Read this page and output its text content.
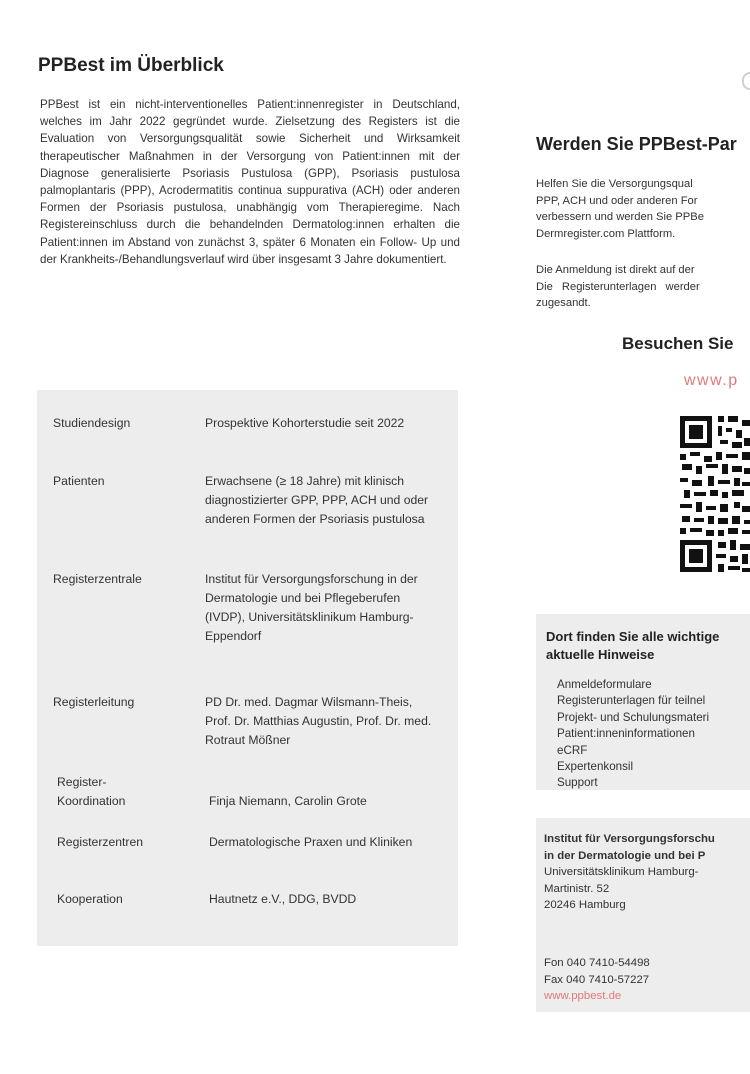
PPBest im Überblick

PPBest ist ein nicht-interventionelles Patient:innenregister in Deutschland, welches im Jahr 2022 gegründet wurde. Zielsetzung des Registers ist die Evaluation von Versorgungsqualität sowie Sicherheit und Wirksamkeit therapeutischer Maßnahmen in der Versorgung von Patient:innen mit der Diagnose generalisierte Psoriasis Pustulosa (GPP), Psoriasis pustulosa palmoplantaris (PPP), Acrodermatitis continua suppurativa (ACH) oder anderen Formen der Psoriasis pustulosa, unabhängig vom Therapieregime. Nach Registereinschluss durch die behandelnden Dermatolog:innen erhalten die Patient:innen im Abstand von zunächst 3, später 6 Monaten ein Follow- Up und der Krankheits-/Behandlungsverlauf wird über insgesamt 3 Jahre dokumentiert.

Studiendesign	Prospektive Kohorterstudie seit 2022
Patienten	Erwachsene (≥ 18 Jahre) mit klinisch diagnostizierter GPP, PPP, ACH und oder anderen Formen der Psoriasis pustulosa
Registerzentrale	Institut für Versorgungsforschung in der Dermatologie und bei Pflegeberufen (IVDP), Universitätsklinikum Hamburg-Eppendorf
Registerleitung	PD Dr. med. Dagmar Wilsmann-Theis, Prof. Dr. Matthias Augustin, Prof. Dr. med. Rotraut Mößner
Register-Koordination	Finja Niemann, Carolin Grote
Registerzentren	Dermatologische Praxen und Kliniken
Kooperation	Hautnetz e.V., DDG, BVDD
Werden Sie PPBest-Par
Helfen Sie die Versorgungsqual
PPP, ACH und oder anderen For
verbessern und werden Sie PPBe
Dermregister.com Plattform.
Die Anmeldung ist direkt auf der
Die Registerunterlagen werder
zugesandt.
Besuchen Sie
www.p
Dort finden Sie alle wichtige aktuelle Hinweise
Anmeldeformulare
Registerunterlagen für teilnel
Projekt- und Schulungsmateri
Patient:inneninformationen
eCRF
Expertenkonsil
Support
Institut für Versorgungsforschu
in der Dermatologie und bei P
Universitätsklinikum Hamburg-
Martinistr. 52
20246 Hamburg
Fon 040 7410-54498
Fax 040 7410-57227
www.ppbest.de
